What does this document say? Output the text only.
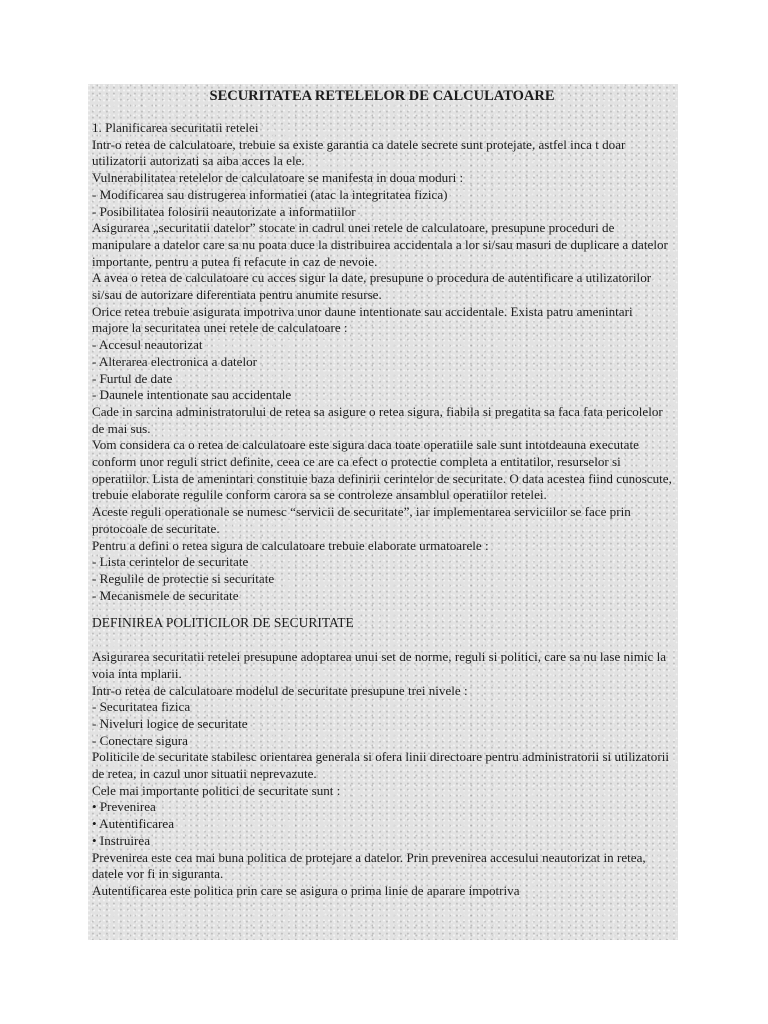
SECURITATEA RETELELOR DE CALCULATOARE

1. Planificarea securitatii retelei

Intr-o retea de calculatoare, trebuie sa existe garantia ca datele secrete sunt protejate, astfel inca t doar utilizatorii autorizati sa aiba acces la ele.

Vulnerabilitatea retelelor de calculatoare se manifesta in doua moduri :

- Modificarea sau distrugerea informatiei (atac la integritatea fizica)

- Posibilitatea folosirii neautorizate a informatiilor

Asigurarea „securitatii datelor” stocate in cadrul unei retele de calculatoare, presupune proceduri de manipulare a datelor care sa nu poata duce la distribuirea accidentala a lor si/sau masuri de duplicare a datelor importante, pentru a putea fi refacute in caz de nevoie.

A avea o retea de calculatoare cu acces sigur la date, presupune o procedura de autentificare a utilizatorilor si/sau de autorizare diferentiata pentru anumite resurse.

Orice retea trebuie asigurata impotriva unor daune intentionate sau accidentale. Exista patru amenintari majore la securitatea unei retele de calculatoare :

- Accesul neautorizat

- Alterarea electronica a datelor

- Furtul de date

- Daunele intentionate sau accidentale

Cade in sarcina administratorului de retea sa asigure o retea sigura, fiabila si pregatita sa faca fata pericolelor de mai sus.

Vom considera ca o retea de calculatoare este sigura daca toate operatiile sale sunt intotdeauna executate conform unor reguli strict definite, ceea ce are ca efect o protectie completa a entitatilor, resurselor si operatiilor. Lista de amenintari constituie baza definirii cerintelor de securitate. O data acestea fiind cunoscute, trebuie elaborate regulile conform carora sa se controleze ansamblul operatiilor retelei.

Aceste reguli operationale se numesc “servicii de securitate”, iar implementarea serviciilor se face prin protocoale de securitate.

Pentru a defini o retea sigura de calculatoare trebuie elaborate urmatoarele :

- Lista cerintelor de securitate

- Regulile de protectie si securitate

- Mecanismele de securitate

DEFINIREA POLITICILOR DE SECURITATE

Asigurarea securitatii retelei presupune adoptarea unui set de norme, reguli si politici, care sa nu lase nimic la voia inta mplarii.

Intr-o retea de calculatoare modelul de securitate presupune trei nivele :

- Securitatea fizica

- Niveluri logice de securitate

- Conectare sigura

Politicile de securitate stabilesc orientarea generala si ofera linii directoare pentru administratorii si utilizatorii de retea, in cazul unor situatii neprevazute.

Cele mai importante politici de securitate sunt :

• Prevenirea

• Autentificarea

• Instruirea

Prevenirea este cea mai buna politica de protejare a datelor. Prin prevenirea accesului neautorizat in retea, datele vor fi in siguranta.

Autentificarea este politica prin care se asigura o prima linie de aparare impotriva
